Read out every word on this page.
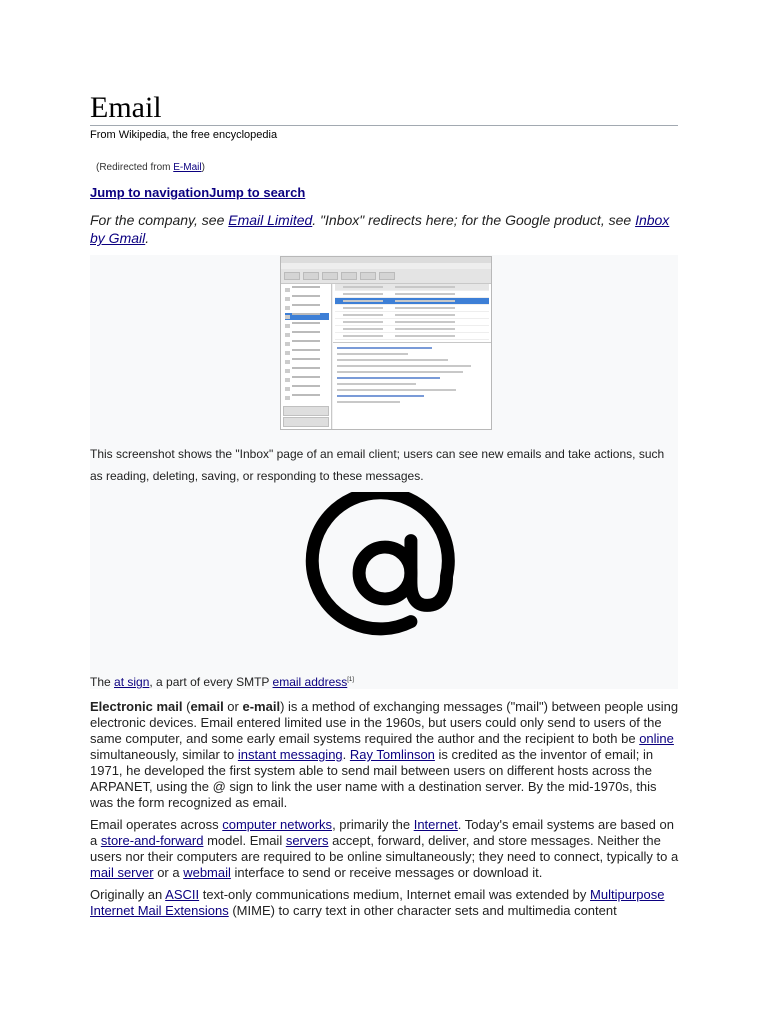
Email
From Wikipedia, the free encyclopedia
(Redirected from E-Mail)
Jump to navigationJump to search
For the company, see Email Limited. "Inbox" redirects here; for the Google product, see Inbox by Gmail.
This screenshot shows the "Inbox" page of an email client; users can see new emails and take actions, such as reading, deleting, saving, or responding to these messages.
The at sign, a part of every SMTP email address[1]

Electronic mail (email or e-mail) is a method of exchanging messages ("mail") between people using electronic devices. Email entered limited use in the 1960s, but users could only send to users of the same computer, and some early email systems required the author and the recipient to both be online simultaneously, similar to instant messaging. Ray Tomlinson is credited as the inventor of email; in 1971, he developed the first system able to send mail between users on different hosts across the ARPANET, using the @ sign to link the user name with a destination server. By the mid-1970s, this was the form recognized as email.

Email operates across computer networks, primarily the Internet. Today's email systems are based on a store-and-forward model. Email servers accept, forward, deliver, and store messages. Neither the users nor their computers are required to be online simultaneously; they need to connect, typically to a mail server or a webmail interface to send or receive messages or download it.

Originally an ASCII text-only communications medium, Internet email was extended by Multipurpose Internet Mail Extensions (MIME) to carry text in other character sets and multimedia content
